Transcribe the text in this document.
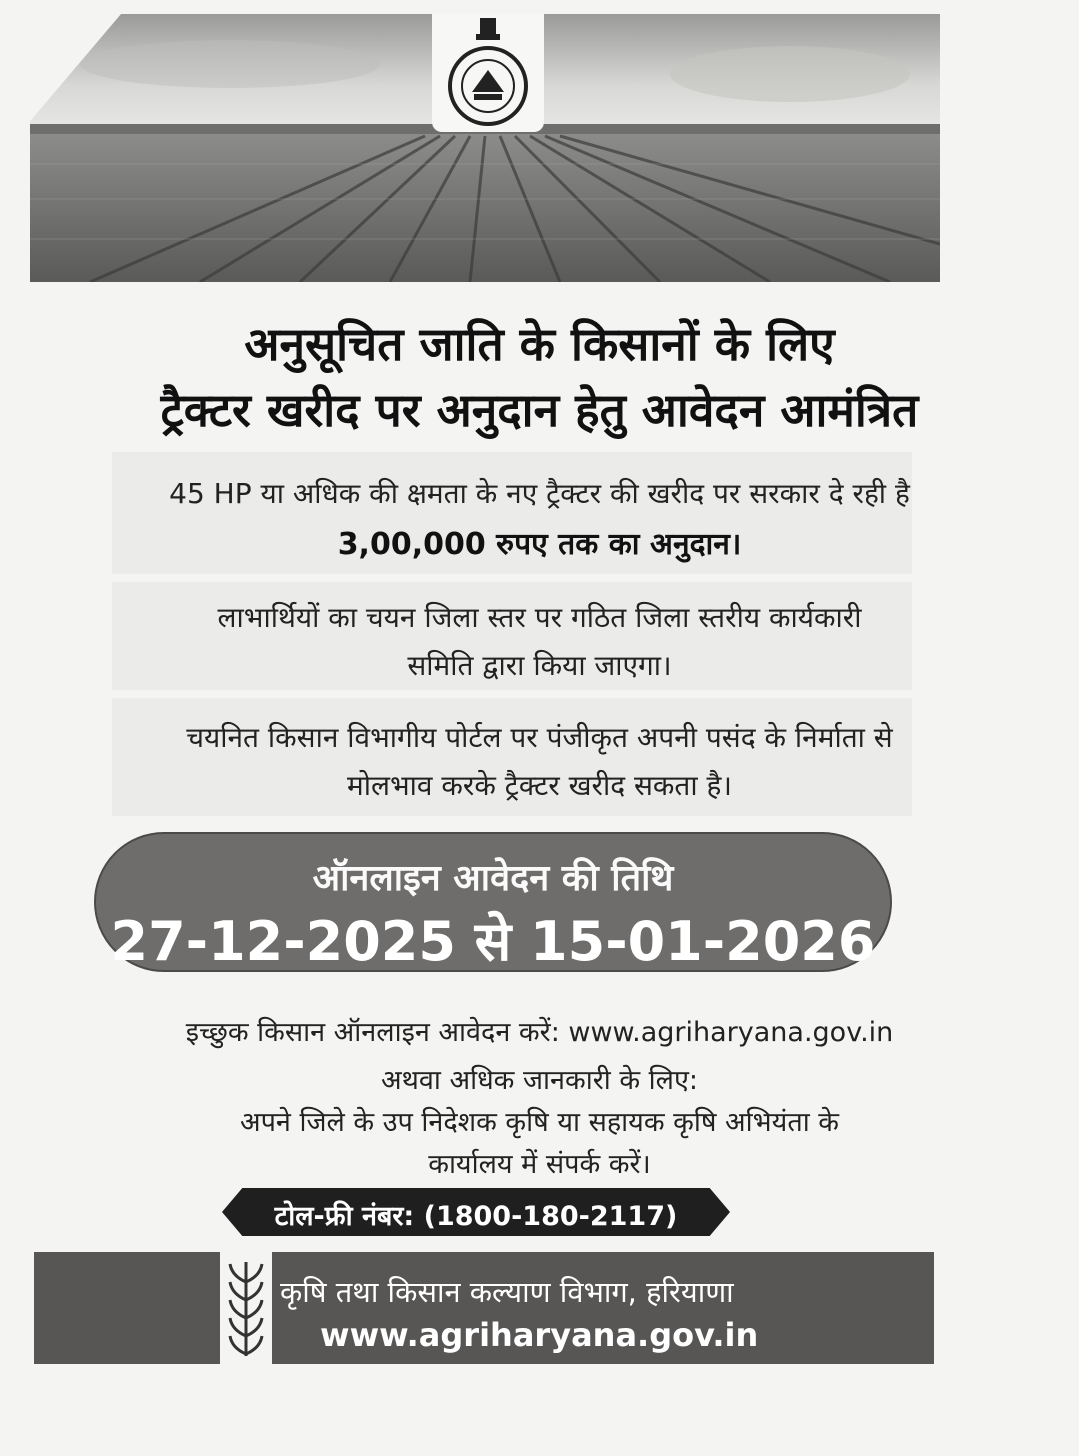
अनुसूचित जाति के किसानों के लिए
ट्रैक्टर खरीद पर अनुदान हेतु आवेदन आमंत्रित
45 HP या अधिक की क्षमता के नए ट्रैक्टर की खरीद पर सरकार दे रही है
3,00,000 रुपए तक का अनुदान।
लाभार्थियों का चयन जिला स्तर पर गठित जिला स्तरीय कार्यकारी
समिति द्वारा किया जाएगा।
चयनित किसान विभागीय पोर्टल पर पंजीकृत अपनी पसंद के निर्माता से
मोलभाव करके ट्रैक्टर खरीद सकता है।
ऑनलाइन आवेदन की तिथि
27-12-2025 से 15-01-2026
इच्छुक किसान ऑनलाइन आवेदन करें: www.agriharyana.gov.in
अथवा अधिक जानकारी के लिए:
अपने जिले के उप निदेशक कृषि या सहायक कृषि अभियंता के
कार्यालय में संपर्क करें।
टोल-फ्री नंबर: (1800-180-2117)
कृषि तथा किसान कल्याण विभाग, हरियाणा
www.agriharyana.gov.in
